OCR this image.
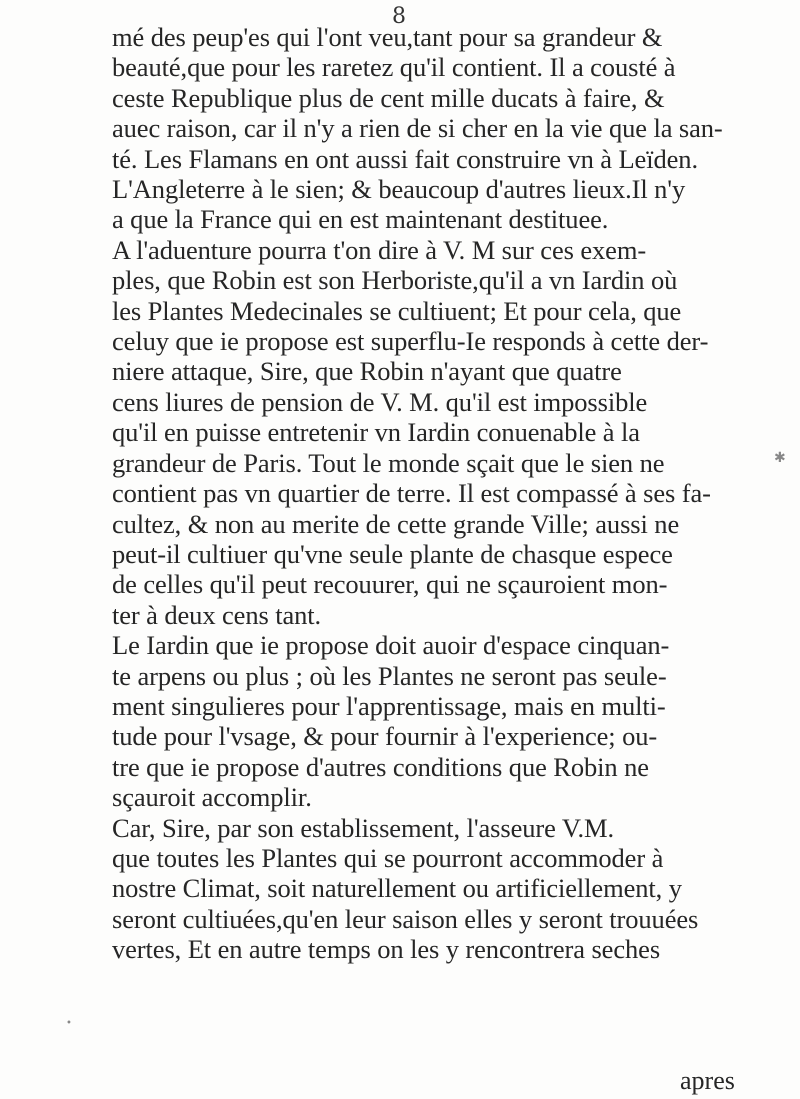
8
mé des peup'es qui l'ont veu,tant pour sa grandeur &
beauté,que pour les raretez qu'il contient. Il a cousté à
ceste Republique plus de cent mille ducats à faire, &
auec raison, car il n'y a rien de si cher en la vie que la san-
té. Les Flamans en ont aussi fait construire vn à Leïden.
L'Angleterre à le sien; & beaucoup d'autres lieux.Il n'y
a que la France qui en est maintenant destituee.
A l'aduenture pourra t'on dire à V. M sur ces exem-
ples, que Robin est son Herboriste,qu'il a vn Iardin où
les Plantes Medecinales se cultiuent; Et pour cela, que
celuy que ie propose est superflu-Ie responds à cette der-
niere attaque, Sire, que Robin n'ayant que quatre
cens liures de pension de V. M. qu'il est impossible
qu'il en puisse entretenir vn Iardin conuenable à la
grandeur de Paris. Tout le monde sçait que le sien ne
contient pas vn quartier de terre. Il est compassé à ses fa-
cultez, & non au merite de cette grande Ville; aussi ne
peut-il cultiuer qu'vne seule plante de chasque espece
de celles qu'il peut recouurer, qui ne sçauroient mon-
ter à deux cens tant.
Le Iardin que ie propose doit auoir d'espace cinquan-
te arpens ou plus ; où les Plantes ne seront pas seule-
ment singulieres pour l'apprentissage, mais en multi-
tude pour l'vsage, & pour fournir à l'experience; ou-
tre que ie propose d'autres conditions que Robin ne
sçauroit accomplir.
Car, Sire, par son establissement, l'asseure V.M.
que toutes les Plantes qui se pourront accommoder à
nostre Climat, soit naturellement ou artificiellement, y
seront cultiuées,qu'en leur saison elles y seront trouuées
vertes, Et en autre temps on les y rencontrera seches
apres
✱
•
